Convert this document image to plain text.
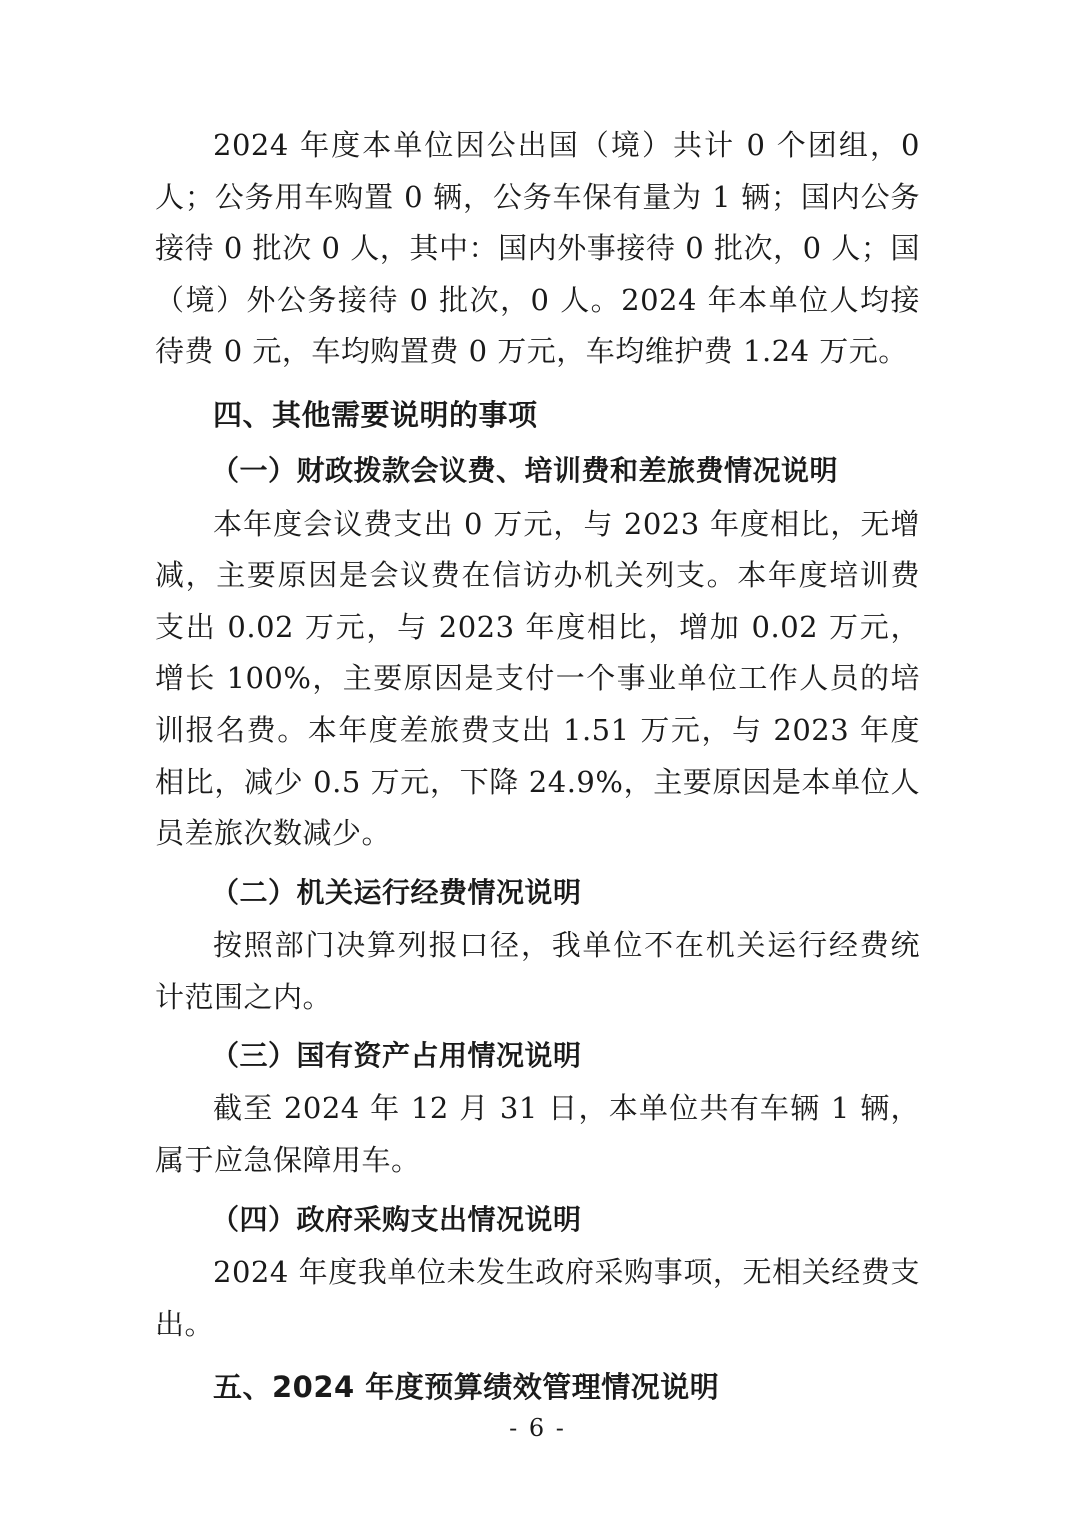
2024 年度本单位因公出国（境）共计 0 个团组，0 人；公务用车购置 0 辆，公务车保有量为 1 辆；国内公务接待 0 批次 0 人，其中：国内外事接待 0 批次，0 人；国（境）外公务接待 0 批次，0 人。2024 年本单位人均接待费 0 元，车均购置费 0 万元，车均维护费 1.24 万元。

四、其他需要说明的事项

（一）财政拨款会议费、培训费和差旅费情况说明

本年度会议费支出 0 万元，与 2023 年度相比，无增减，主要原因是会议费在信访办机关列支。本年度培训费支出 0.02 万元，与 2023 年度相比，增加 0.02 万元，增长 100%，主要原因是支付一个事业单位工作人员的培训报名费。本年度差旅费支出 1.51 万元，与 2023 年度相比，减少 0.5 万元，下降 24.9%，主要原因是本单位人员差旅次数减少。

（二）机关运行经费情况说明

按照部门决算列报口径，我单位不在机关运行经费统计范围之内。

（三）国有资产占用情况说明

截至 2024 年 12 月 31 日，本单位共有车辆 1 辆，属于应急保障用车。

（四）政府采购支出情况说明

2024 年度我单位未发生政府采购事项，无相关经费支出。

五、2024 年度预算绩效管理情况说明

- 6 -
